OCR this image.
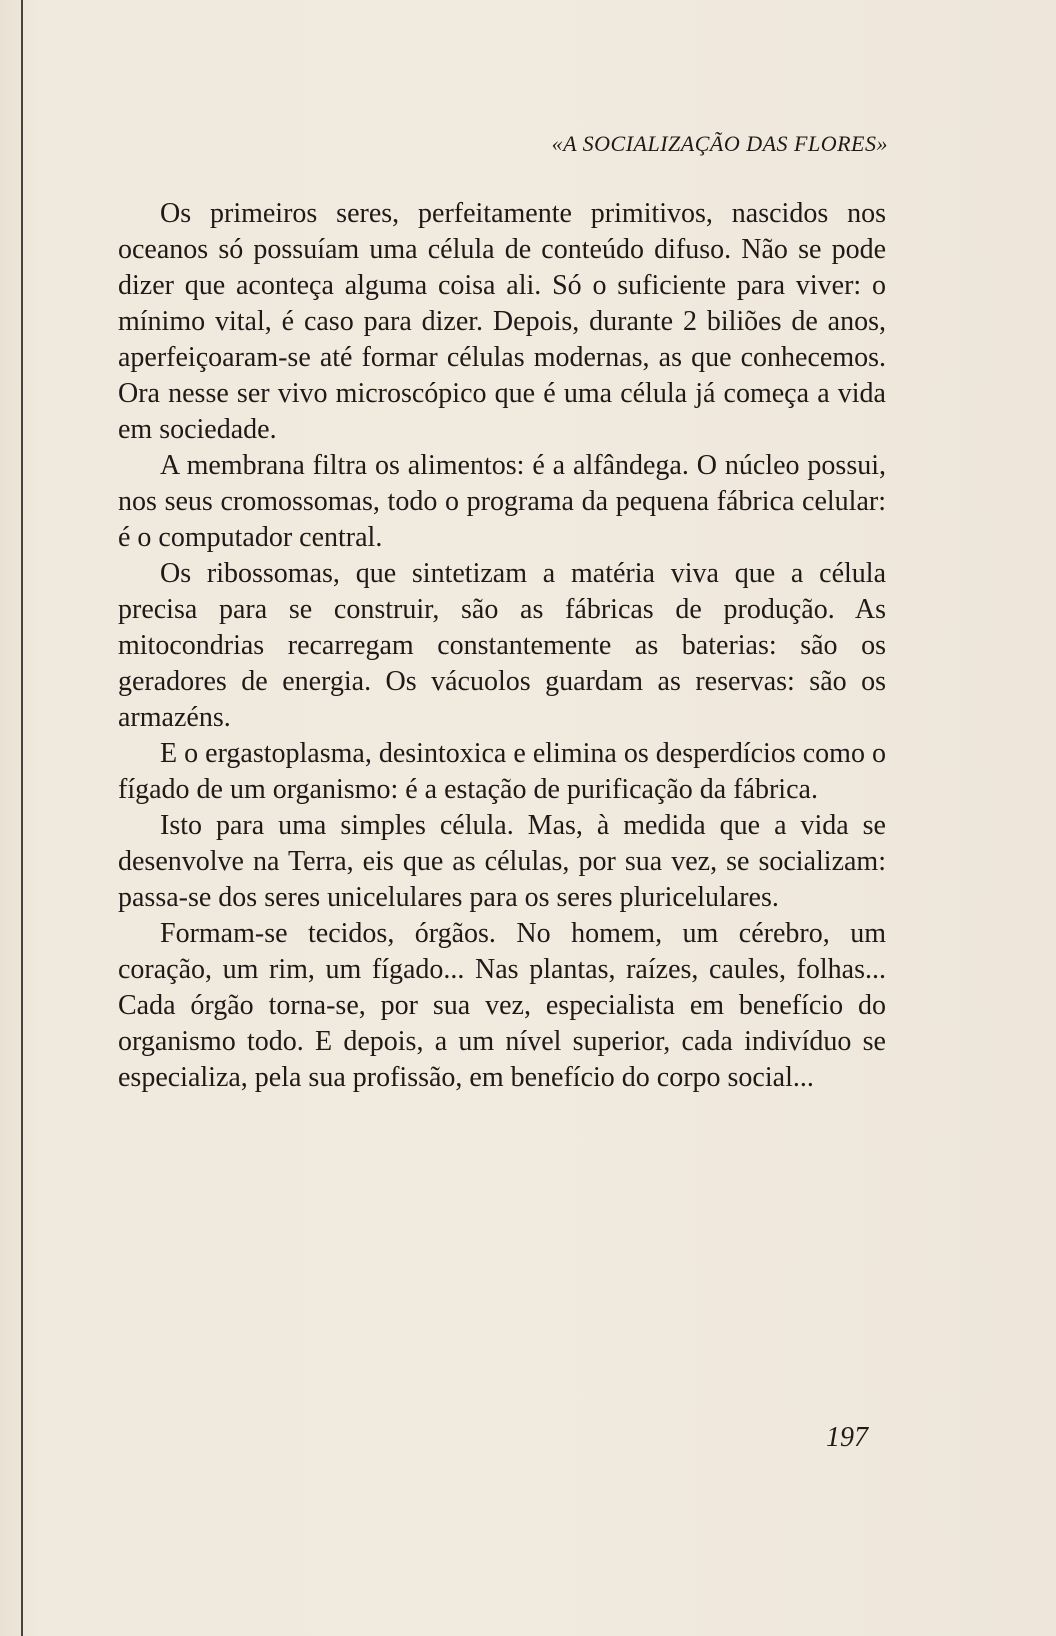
«A SOCIALIZAÇÃO DAS FLORES»

Os primeiros seres, perfeitamente primitivos, nascidos nos oceanos só possuíam uma célula de conteúdo difuso. Não se pode dizer que aconteça alguma coisa ali. Só o suficiente para viver: o mínimo vital, é caso para dizer. Depois, durante 2 biliões de anos, aperfeiçoaram-se até formar células modernas, as que conhecemos. Ora nesse ser vivo microscópico que é uma célula já começa a vida em sociedade.

A membrana filtra os alimentos: é a alfândega. O núcleo possui, nos seus cromossomas, todo o programa da pequena fábrica celular: é o computador central.

Os ribossomas, que sintetizam a matéria viva que a célula precisa para se construir, são as fábricas de produção. As mitocondrias recarregam constantemente as baterias: são os geradores de energia. Os vácuolos guardam as reservas: são os armazéns.

E o ergastoplasma, desintoxica e elimina os desperdícios como o fígado de um organismo: é a estação de purificação da fábrica.

Isto para uma simples célula. Mas, à medida que a vida se desenvolve na Terra, eis que as células, por sua vez, se socializam: passa-se dos seres unicelulares para os seres pluricelulares.

Formam-se tecidos, órgãos. No homem, um cérebro, um coração, um rim, um fígado... Nas plantas, raízes, caules, folhas... Cada órgão torna-se, por sua vez, especialista em benefício do organismo todo. E depois, a um nível superior, cada indivíduo se especializa, pela sua profissão, em benefício do corpo social...

197
